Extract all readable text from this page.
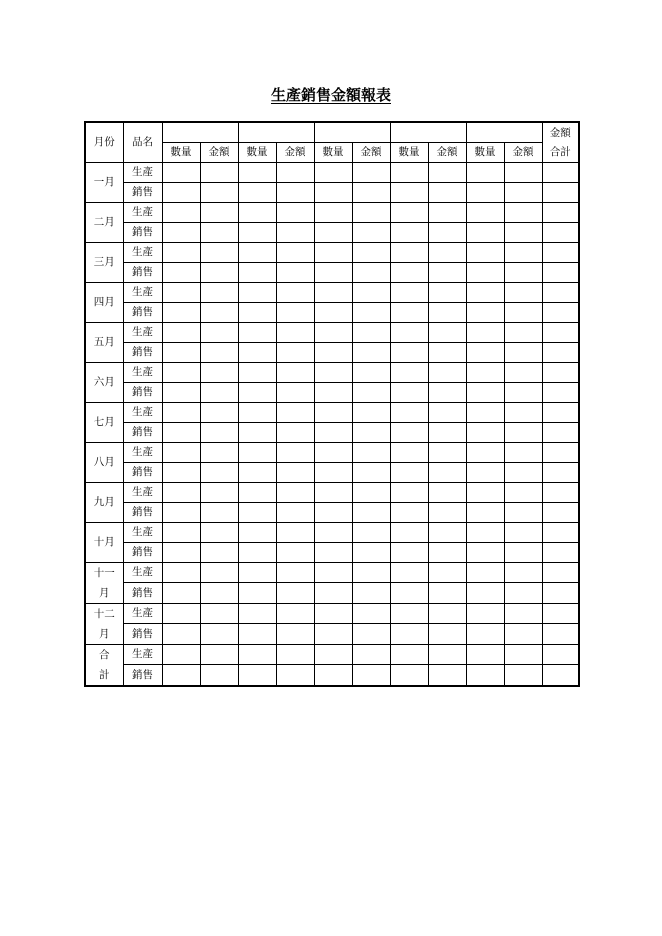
生產銷售金額報表
月份	品名											金額
		數量	金額	數量	金額	數量	金額	數量	金額	數量	金額	合計

一月	生產											
	銷售											

二月	生產											
	銷售											

三月	生產											
	銷售											

四月	生產											
	銷售											

五月	生產											
	銷售											

六月	生產											
	銷售											

七月	生產											
	銷售											

八月	生產											
	銷售											

九月	生產											
	銷售											

十月	生產											
	銷售											

十一
月	生產											
	銷售											

十二
月	生產											
	銷售											

合
計	生產											
	銷售											
